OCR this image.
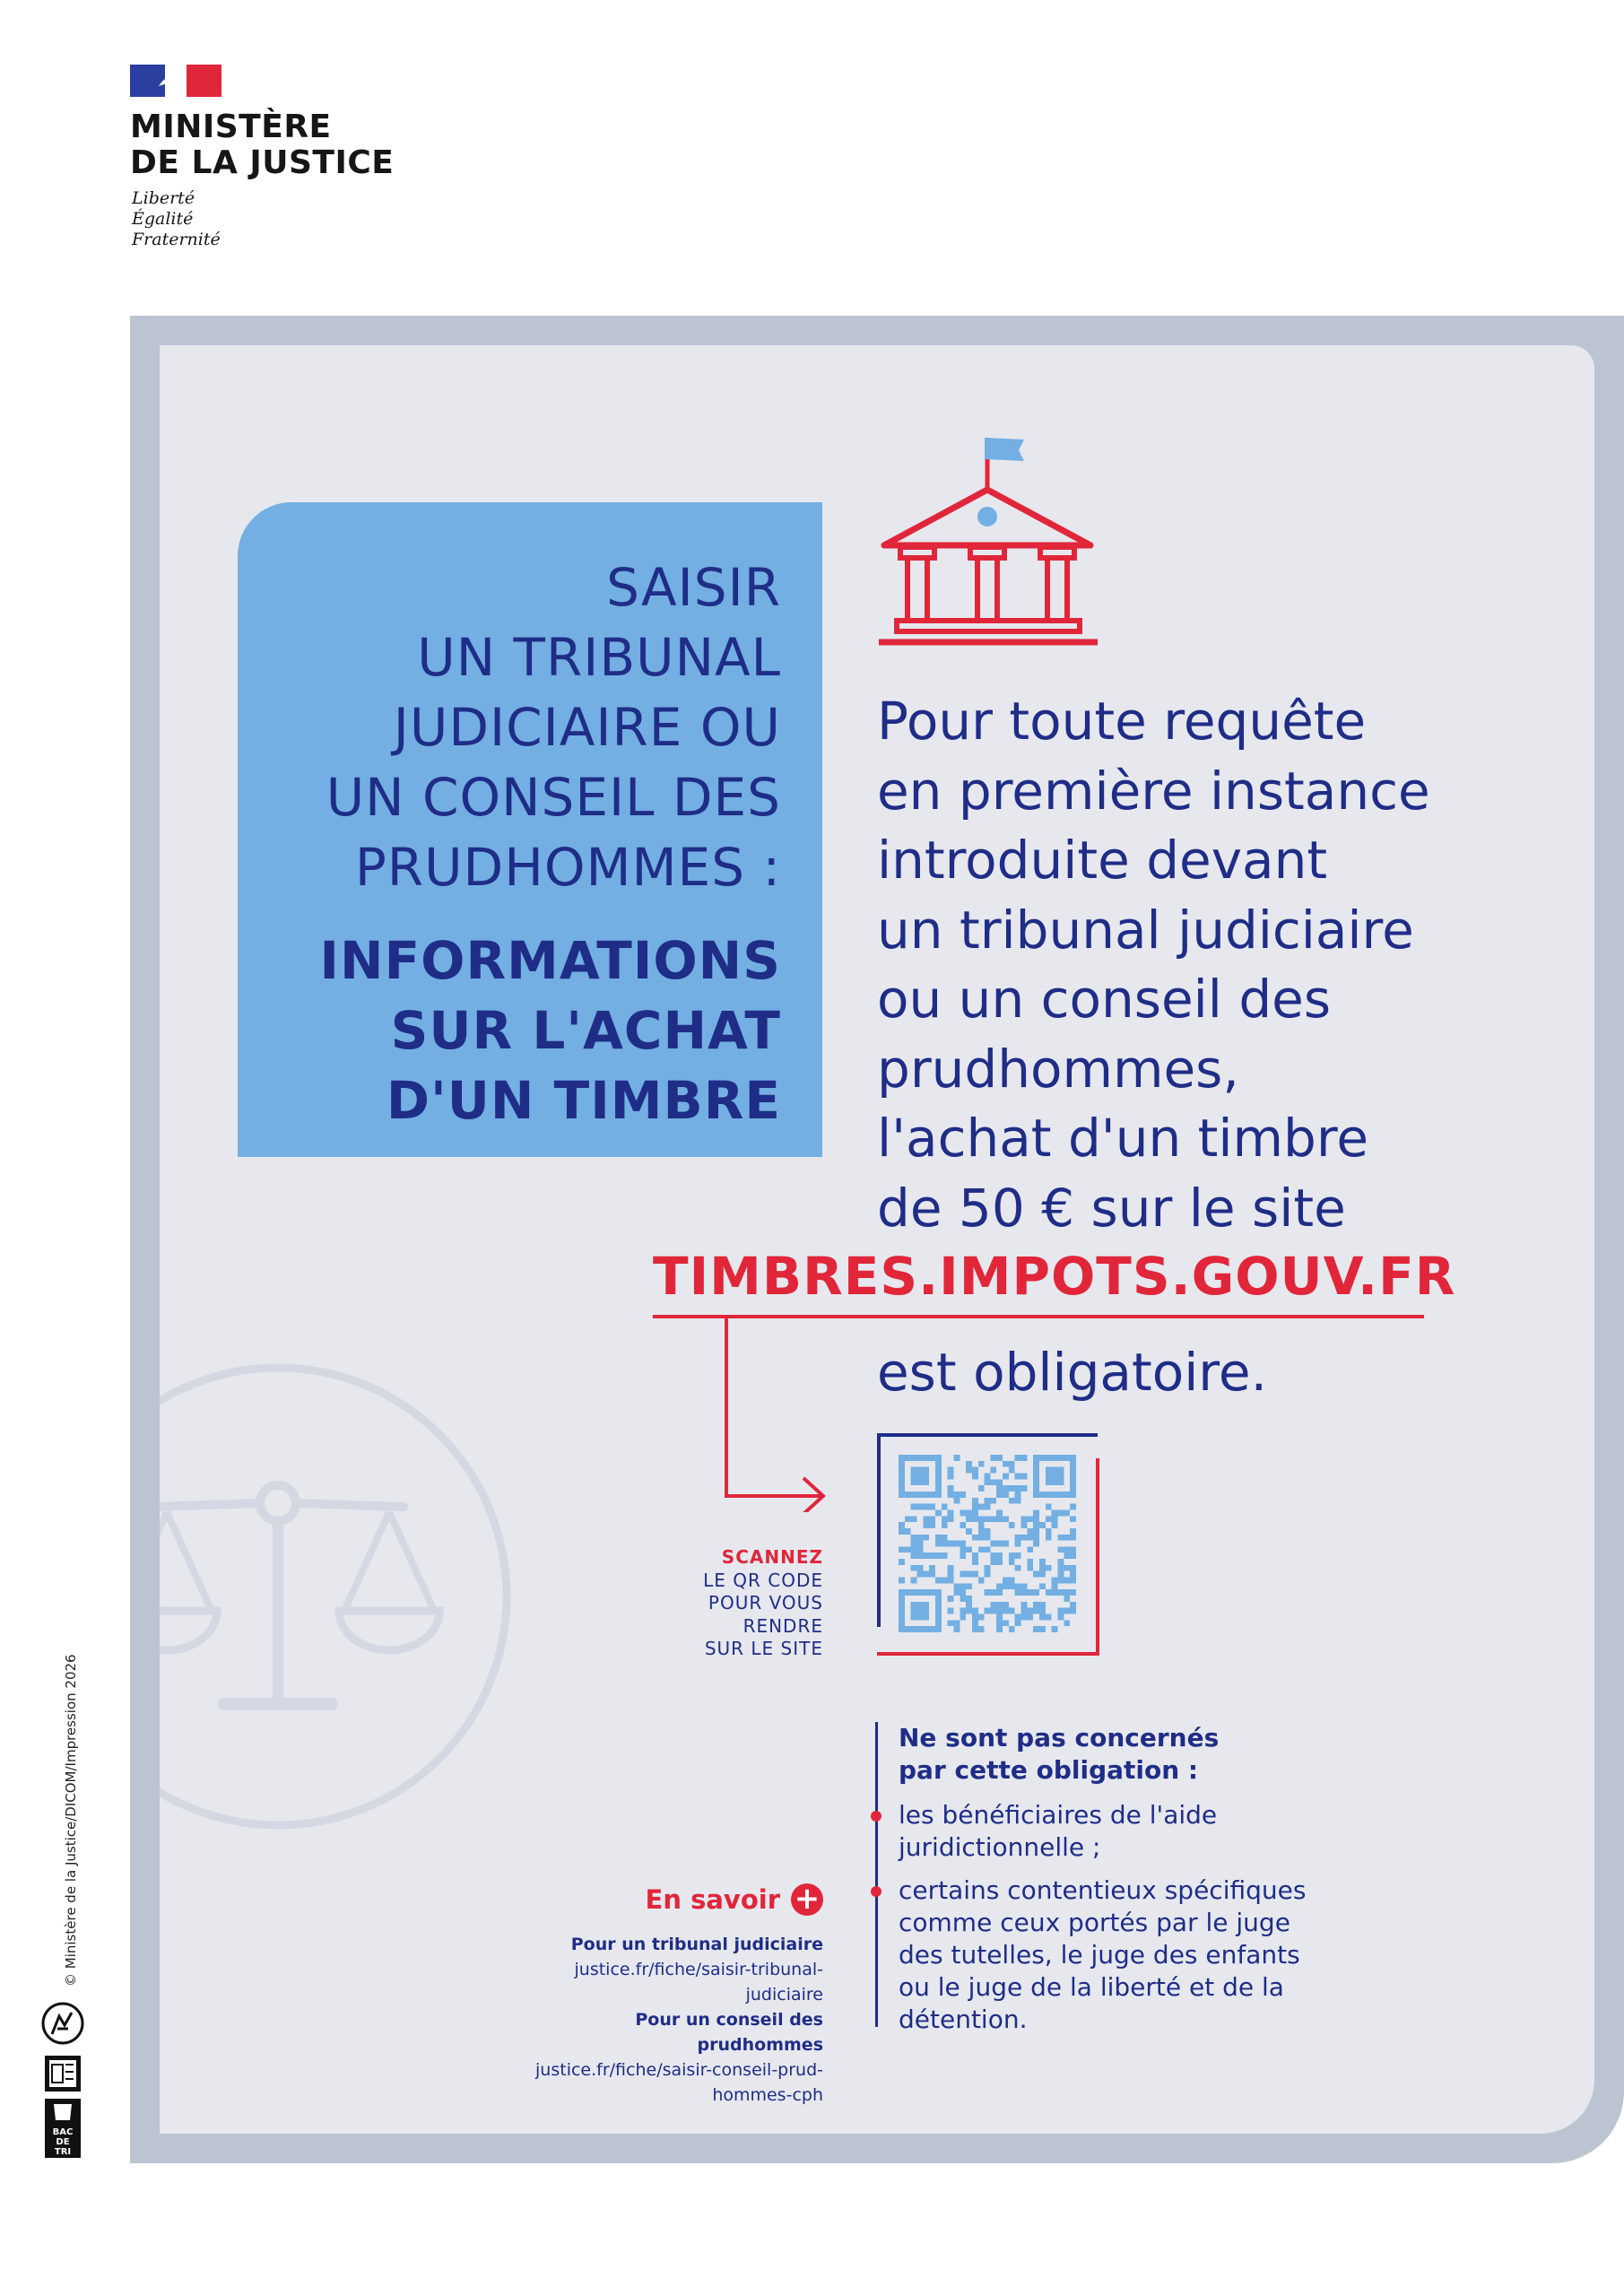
MINISTÈRE
DE LA JUSTICE
Liberté
Égalité
Fraternité
SAISIR
UN TRIBUNAL
JUDICIAIRE OU
UN CONSEIL DES
PRUDHOMMES :
INFORMATIONS
SUR L'ACHAT
D'UN TIMBRE
Pour toute requête
en première instance
introduite devant
un tribunal judiciaire
ou un conseil des
prudhommes,
l'achat d'un timbre
de 50 € sur le site
TIMBRES.IMPOTS.GOUV.FR
est obligatoire.
SCANNEZ
LE QR CODE
POUR VOUS
RENDRE
SUR LE SITE
Ne sont pas concernés
par cette obligation :
les bénéficiaires de l'aide juridictionnelle ;
certains contentieux spécifiques comme ceux portés par le juge des tutelles, le juge des enfants ou le juge de la liberté et de la détention.
En savoir +
Pour un tribunal judiciaire
justice.fr/fiche/saisir-tribunal-judiciaire
Pour un conseil des prudhommes
justice.fr/fiche/saisir-conseil-prud-hommes-cph
© Ministère de la Justice/DICOM/Impression 2026
BAC
DE
TRI
